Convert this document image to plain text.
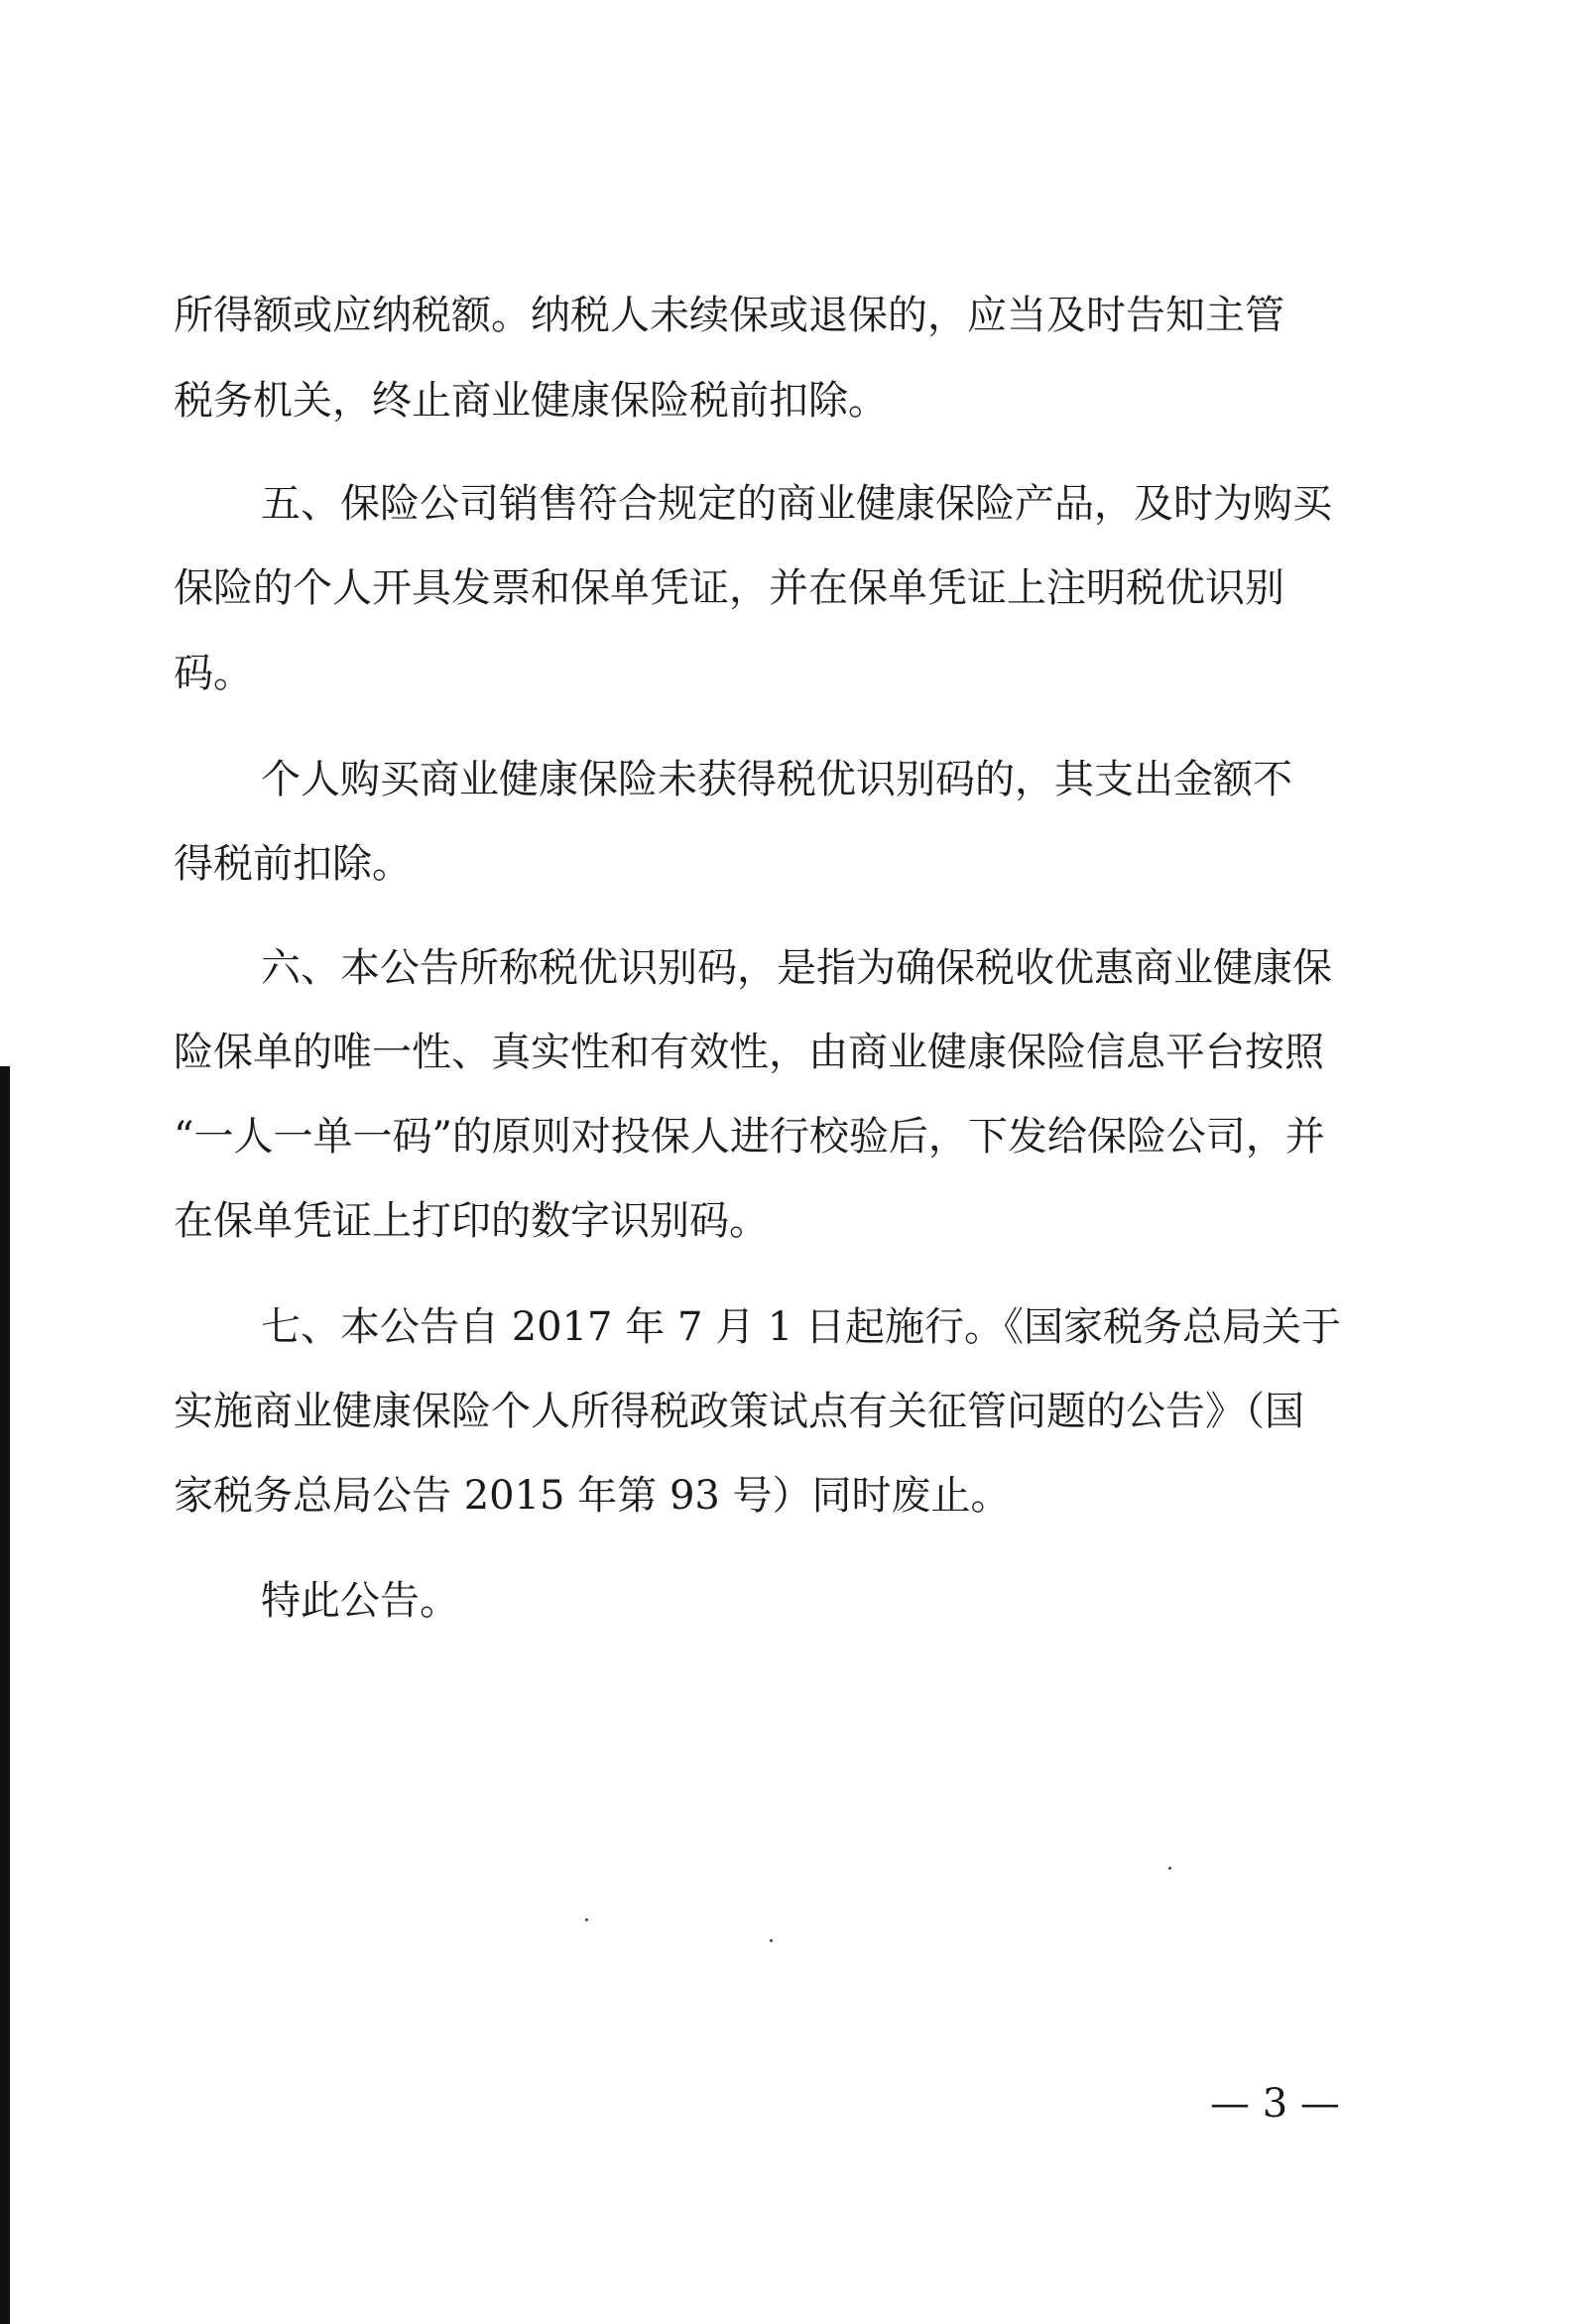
所得额或应纳税额。纳税人未续保或退保的，应当及时告知主管
税务机关，终止商业健康保险税前扣除。
五、保险公司销售符合规定的商业健康保险产品，及时为购买
保险的个人开具发票和保单凭证，并在保单凭证上注明税优识别
码。
个人购买商业健康保险未获得税优识别码的，其支出金额不
得税前扣除。
六、本公告所称税优识别码，是指为确保税收优惠商业健康保
险保单的唯一性、真实性和有效性，由商业健康保险信息平台按照
“一人一单一码”的原则对投保人进行校验后，下发给保险公司，并
在保单凭证上打印的数字识别码。
七、本公告自 2017 年 7 月 1 日起施行。《国家税务总局关于
实施商业健康保险个人所得税政策试点有关征管问题的公告》（国
家税务总局公告 2015 年第 93 号）同时废止。
特此公告。
— 3 —
